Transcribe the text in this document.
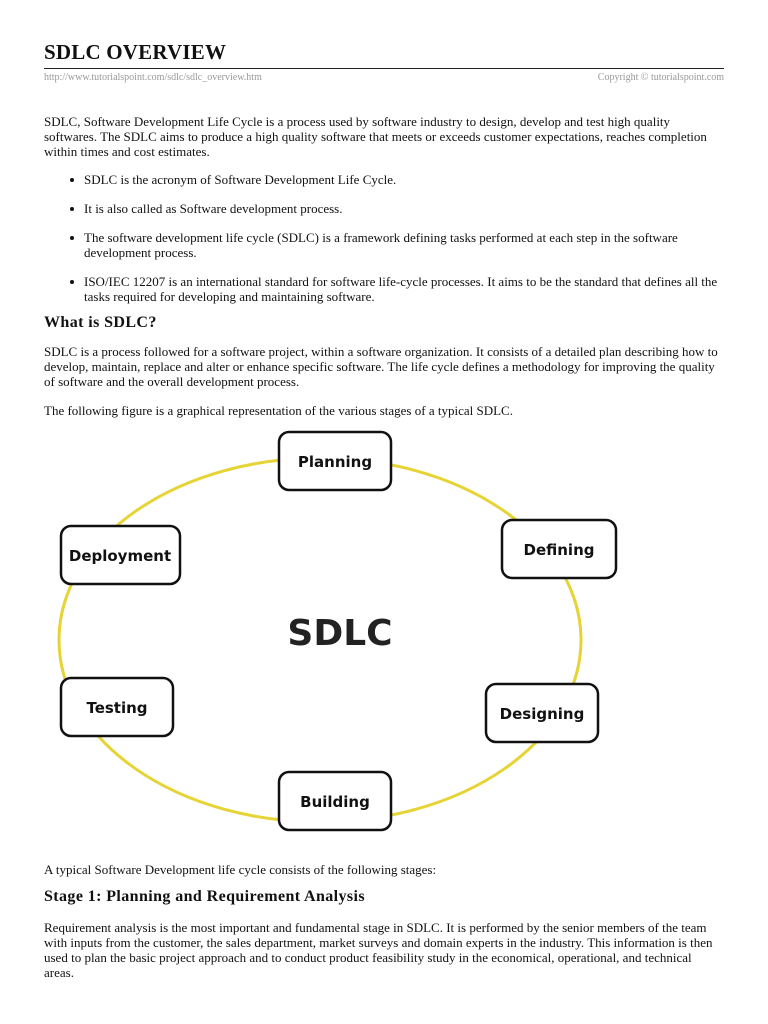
SDLC OVERVIEW
http://www.tutorialspoint.com/sdlc/sdlc_overview.htm	Copyright © tutorialspoint.com

SDLC, Software Development Life Cycle is a process used by software industry to design, develop and test high quality softwares. The SDLC aims to produce a high quality software that meets or exceeds customer expectations, reaches completion within times and cost estimates.

SDLC is the acronym of Software Development Life Cycle.
It is also called as Software development process.
The software development life cycle (SDLC) is a framework defining tasks performed at each step in the software development process.
ISO/IEC 12207 is an international standard for software life-cycle processes. It aims to be the standard that defines all the tasks required for developing and maintaining software.
What is SDLC?

SDLC is a process followed for a software project, within a software organization. It consists of a detailed plan describing how to develop, maintain, replace and alter or enhance specific software. The life cycle defines a methodology for improving the quality of software and the overall development process.

The following figure is a graphical representation of the various stages of a typical SDLC.

A typical Software Development life cycle consists of the following stages:

Stage 1: Planning and Requirement Analysis

Requirement analysis is the most important and fundamental stage in SDLC. It is performed by the senior members of the team with inputs from the customer, the sales department, market surveys and domain experts in the industry. This information is then used to plan the basic project approach and to conduct product feasibility study in the economical, operational, and technical areas.

SDLC
Planning
Defining
Designing
Building
Testing
Deployment
